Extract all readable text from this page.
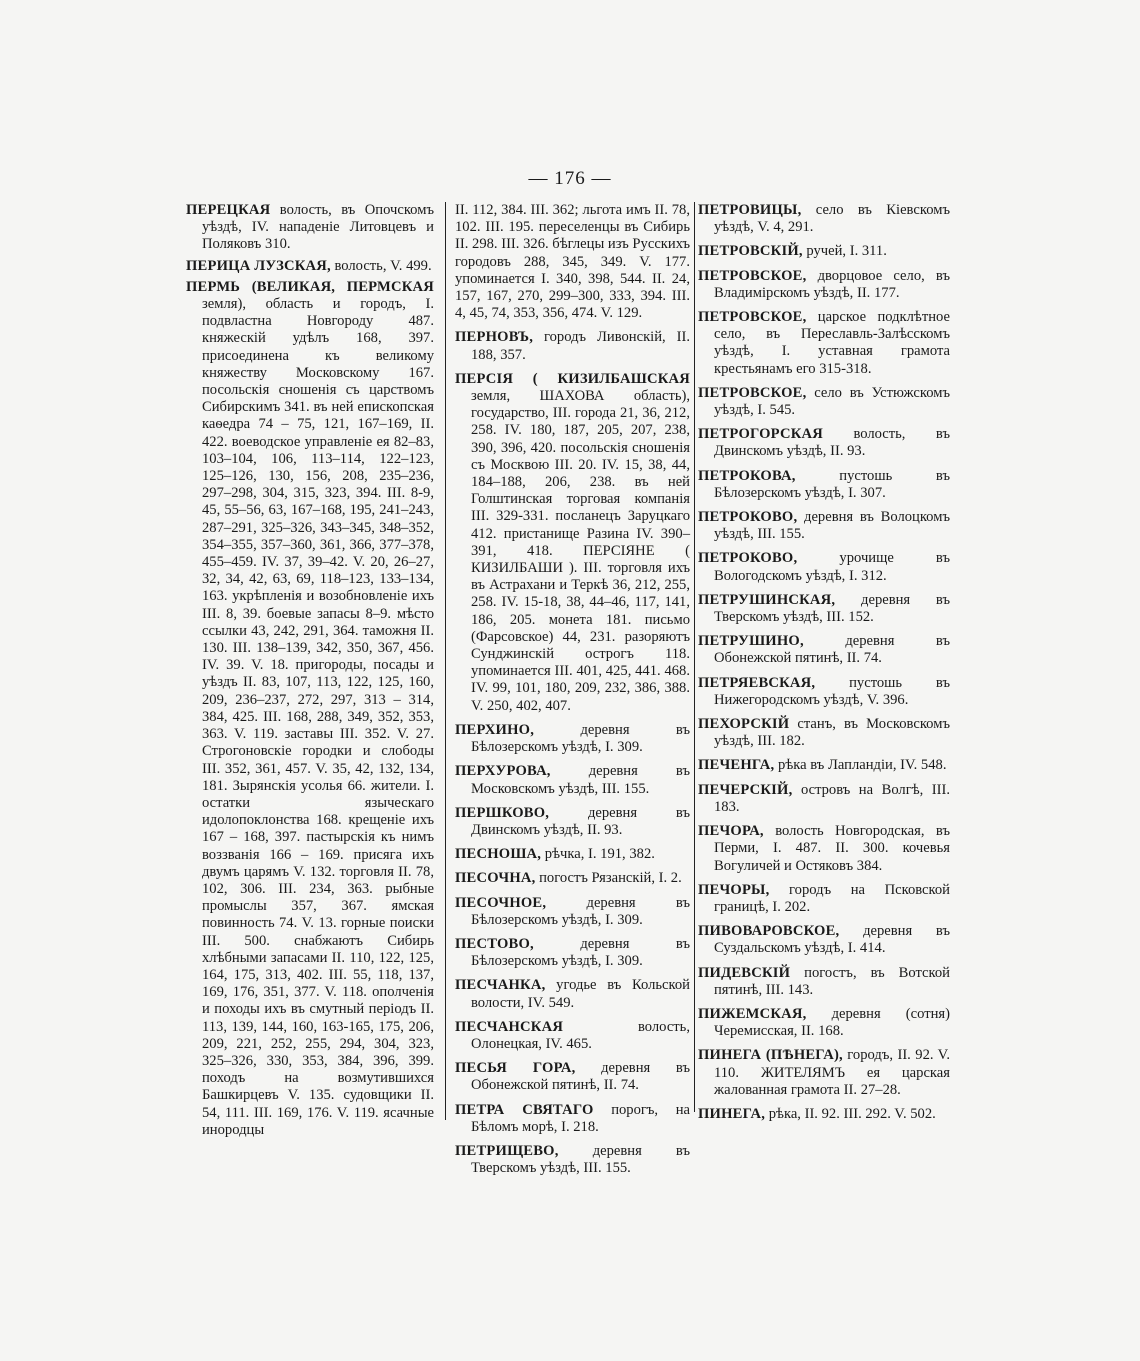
— 176 —

ПЕРЕЦКАЯ волость, въ Опочскомъ уѣздѣ, IV. нападеніе Литовцевъ и Поляковъ 310.

ПЕРИЦА ЛУЗСКАЯ, волость, V. 499.

ПЕРМЬ (ВЕЛИКАЯ, ПЕРМСКАЯ земля), область и городъ, I. подвластна Новгороду 487. княжескій удѣлъ 168, 397. присоединена къ великому княжеству Московскому 167. посольскія сношенія съ царствомъ Сибирскимъ 341. въ ней епископская каѳедра 74 – 75, 121, 167–169, II. 422. воеводское управленіе ея 82–83, 103–104, 106, 113–114, 122–123, 125–126, 130, 156, 208, 235–236, 297–298, 304, 315, 323, 394. III. 8-9, 45, 55–56, 63, 167–168, 195, 241–243, 287–291, 325–326, 343–345, 348–352, 354–355, 357–360, 361, 366, 377–378, 455–459. IV. 37, 39–42. V. 20, 26–27, 32, 34, 42, 63, 69, 118–123, 133–134, 163. укрѣпленія и возобновленіе ихъ III. 8, 39. боевые запасы 8–9. мѣсто ссылки 43, 242, 291, 364. таможня II. 130. III. 138–139, 342, 350, 367, 456. IV. 39. V. 18. пригороды, посады и уѣздъ II. 83, 107, 113, 122, 125, 160, 209, 236–237, 272, 297, 313 – 314, 384, 425. III. 168, 288, 349, 352, 353, 363. V. 119. заставы III. 352. V. 27. Строгоновскіе городки и слободы III. 352, 361, 457. V. 35, 42, 132, 134, 181. Зырянскія усолья 66. жители. I. остатки языческаго идолопоклонства 168. крещеніе ихъ 167 – 168, 397. пастырскія къ нимъ воззванія 166 – 169. присяга ихъ двумъ царямъ V. 132. торговля II. 78, 102, 306. III. 234, 363. рыбные промыслы 357, 367. ямская повинность 74. V. 13. горные поиски III. 500. снабжаютъ Сибирь хлѣбными запасами II. 110, 122, 125, 164, 175, 313, 402. III. 55, 118, 137, 169, 176, 351, 377. V. 118. ополченія и походы ихъ въ смутный періодъ II. 113, 139, 144, 160, 163-165, 175, 206, 209, 221, 252, 255, 294, 304, 323, 325–326, 330, 353, 384, 396, 399. походъ на возмутившихся Башкирцевъ V. 135. судовщики II. 54, 111. III. 169, 176. V. 119. ясачные инородцы

II. 112, 384. III. 362; льгота имъ II. 78, 102. III. 195. переселенцы въ Сибирь II. 298. III. 326. бѣглецы изъ Русскихъ городовъ 288, 345, 349. V. 177. упоминается I. 340, 398, 544. II. 24, 157, 167, 270, 299–300, 333, 394. III. 4, 45, 74, 353, 356, 474. V. 129.

ПЕРНОВЪ, городъ Ливонскій, II. 188, 357.

ПЕРСІЯ ( КИЗИЛБАШСКАЯ земля, ШАХОВА область), государство, III. города 21, 36, 212, 258. IV. 180, 187, 205, 207, 238, 390, 396, 420. посольскія сношенія съ Москвою III. 20. IV. 15, 38, 44, 184–188, 206, 238. въ ней Голштинская торговая компанія III. 329-331. посланецъ Заруцкаго 412. пристанище Разина IV. 390–391, 418. ПЕРСІЯНЕ ( КИЗИЛБАШИ ). III. торговля ихъ въ Астрахани и Теркѣ 36, 212, 255, 258. IV. 15-18, 38, 44–46, 117, 141, 186, 205. монета 181. письмо (Фарсовское) 44, 231. разоряютъ Сунджинскій острогъ 118. упоминается III. 401, 425, 441. 468. IV. 99, 101, 180, 209, 232, 386, 388. V. 250, 402, 407.

ПЕРХИНО, деревня въ Бѣлозерскомъ уѣздѣ, I. 309.

ПЕРХУРОВА, деревня въ Московскомъ уѣздѣ, III. 155.

ПЕРШКОВО, деревня въ Двинскомъ уѣздѣ, II. 93.

ПЕСНОША, рѣчка, I. 191, 382.

ПЕСОЧНА, погостъ Рязанскій, I. 2.

ПЕСОЧНОЕ, деревня въ Бѣлозерскомъ уѣздѣ, I. 309.

ПЕСТОВО, деревня въ Бѣлозерскомъ уѣздѣ, I. 309.

ПЕСЧАНКА, угодье въ Кольской волости, IV. 549.

ПЕСЧАНСКАЯ волость, Олонецкая, IV. 465.

ПЕСЬЯ ГОРА, деревня въ Обонежской пятинѣ, II. 74.

ПЕТРА СВЯТАГО порогъ, на Бѣломъ морѣ, I. 218.

ПЕТРИЩЕВО, деревня въ Тверскомъ уѣздѣ, III. 155.

ПЕТРОВИЦЫ, село въ Кіевскомъ уѣздѣ, V. 4, 291.

ПЕТРОВСКІЙ, ручей, I. 311.

ПЕТРОВСКОЕ, дворцовое село, въ Владимірскомъ уѣздѣ, II. 177.

ПЕТРОВСКОЕ, царское подклѣтное село, въ Переславль-Залѣсскомъ уѣздѣ, I. уставная грамота крестьянамъ его 315-318.

ПЕТРОВСКОЕ, село въ Устюжскомъ уѣздѣ, I. 545.

ПЕТРОГОРСКАЯ волость, въ Двинскомъ уѣздѣ, II. 93.

ПЕТРОКОВА, пустошь въ Бѣлозерскомъ уѣздѣ, I. 307.

ПЕТРОКОВО, деревня въ Волоцкомъ уѣздѣ, III. 155.

ПЕТРОКОВО, урочище въ Вологодскомъ уѣздѣ, I. 312.

ПЕТРУШИНСКАЯ, деревня въ Тверскомъ уѣздѣ, III. 152.

ПЕТРУШИНО, деревня въ Обонежской пятинѣ, II. 74.

ПЕТРЯЕВСКАЯ, пустошь въ Нижегородскомъ уѣздѣ, V. 396.

ПЕХОРСКІЙ станъ, въ Московскомъ уѣздѣ, III. 182.

ПЕЧЕНГА, рѣка въ Лапландіи, IV. 548.

ПЕЧЕРСКІЙ, островъ на Волгѣ, III. 183.

ПЕЧОРА, волость Новгородская, въ Перми, I. 487. II. 300. кочевья Вогуличей и Остяковъ 384.

ПЕЧОРЫ, городъ на Псковской границѣ, I. 202.

ПИВОВАРОВСКОЕ, деревня въ Суздальскомъ уѣздѣ, I. 414.

ПИДЕВСКІЙ погостъ, въ Вотской пятинѣ, III. 143.

ПИЖЕМСКАЯ, деревня (сотня) Черемисская, II. 168.

ПИНЕГА (ПѢНЕГА), городъ, II. 92. V. 110. ЖИТЕЛЯМЪ ея царская жалованная грамота II. 27–28.

ПИНЕГА, рѣка, II. 92. III. 292. V. 502.
